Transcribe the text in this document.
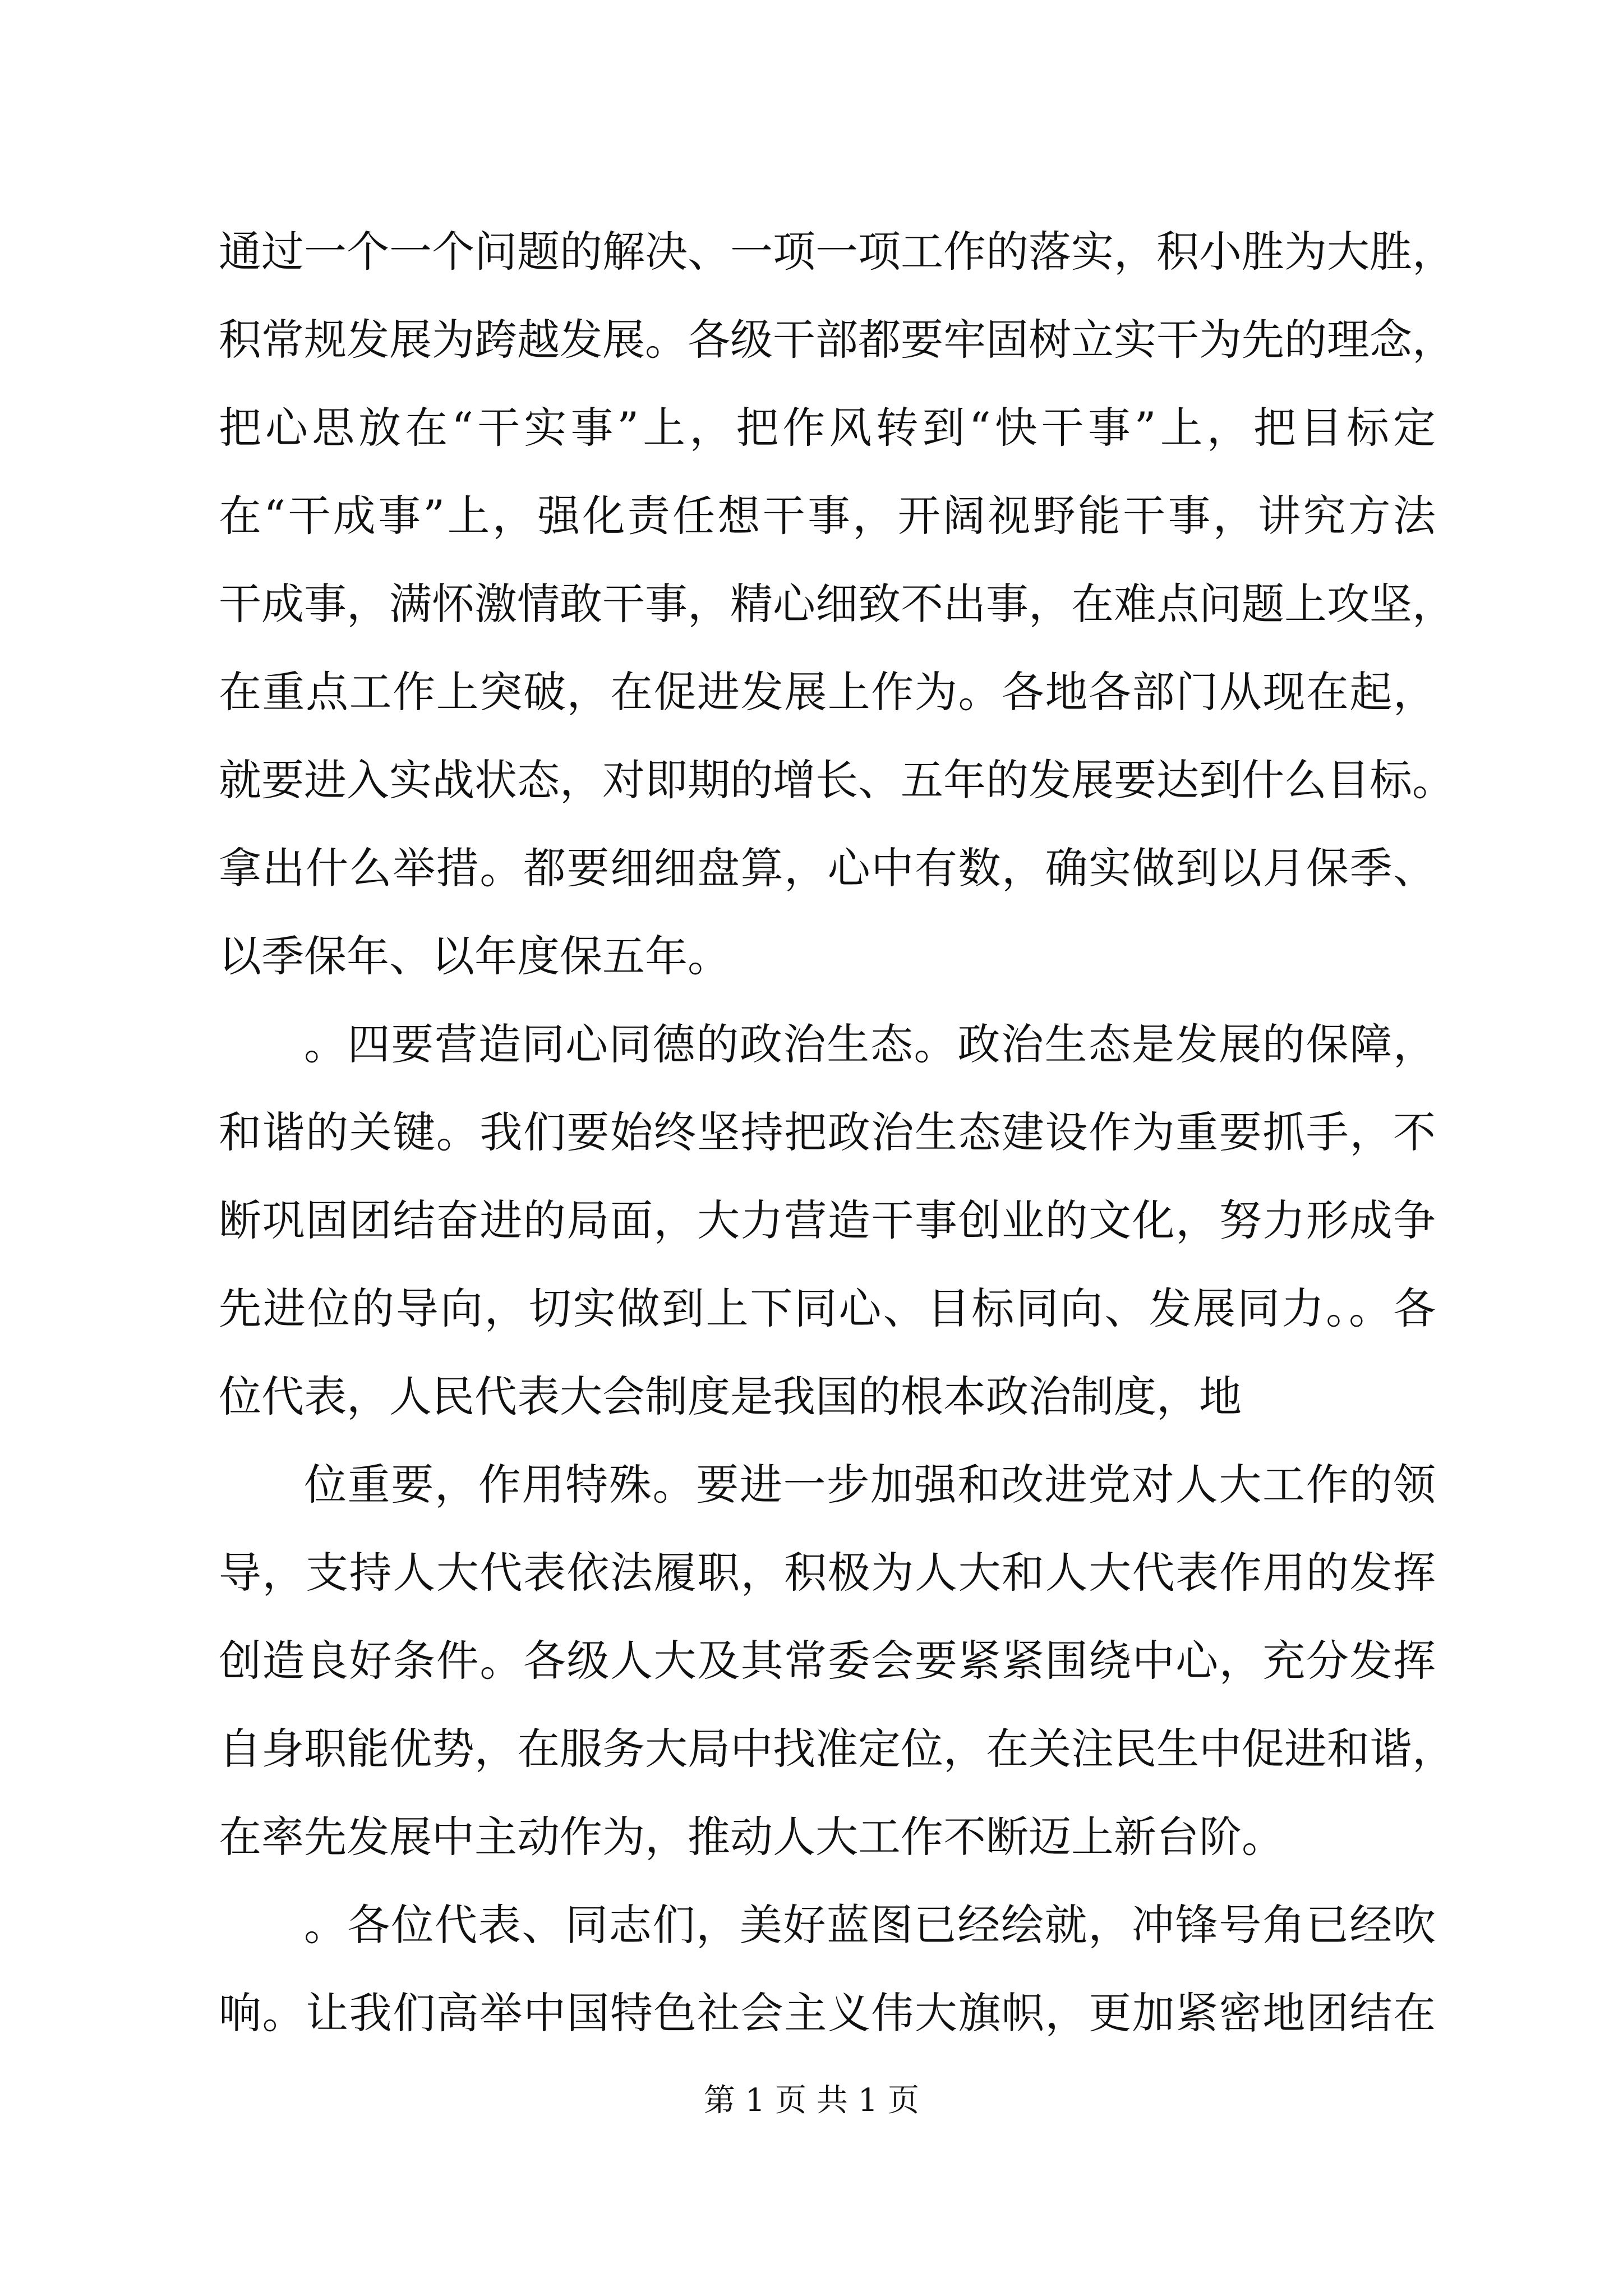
通过一个一个问题的解决、一项一项工作的落实，积小胜为大胜，
积常规发展为跨越发展。各级干部都要牢固树立实干为先的理念，
把心思放在“干实事”上，把作风转到“快干事”上，把目标定
在“干成事”上，强化责任想干事，开阔视野能干事，讲究方法
干成事，满怀激情敢干事，精心细致不出事，在难点问题上攻坚，
在重点工作上突破，在促进发展上作为。各地各部门从现在起，
就要进入实战状态，对即期的增长、五年的发展要达到什么目标。
拿出什么举措。都要细细盘算，心中有数，确实做到以月保季、
以季保年、以年度保五年。
。四要营造同心同德的政治生态。政治生态是发展的保障，
和谐的关键。我们要始终坚持把政治生态建设作为重要抓手，不
断巩固团结奋进的局面，大力营造干事创业的文化，努力形成争
先进位的导向，切实做到上下同心、目标同向、发展同力。。各
位代表，人民代表大会制度是我国的根本政治制度，地
位重要，作用特殊。要进一步加强和改进党对人大工作的领
导，支持人大代表依法履职，积极为人大和人大代表作用的发挥
创造良好条件。各级人大及其常委会要紧紧围绕中心，充分发挥
自身职能优势，在服务大局中找准定位，在关注民生中促进和谐，
在率先发展中主动作为，推动人大工作不断迈上新台阶。
。各位代表、同志们，美好蓝图已经绘就，冲锋号角已经吹
响。让我们高举中国特色社会主义伟大旗帜，更加紧密地团结在
第 1 页 共 1 页
